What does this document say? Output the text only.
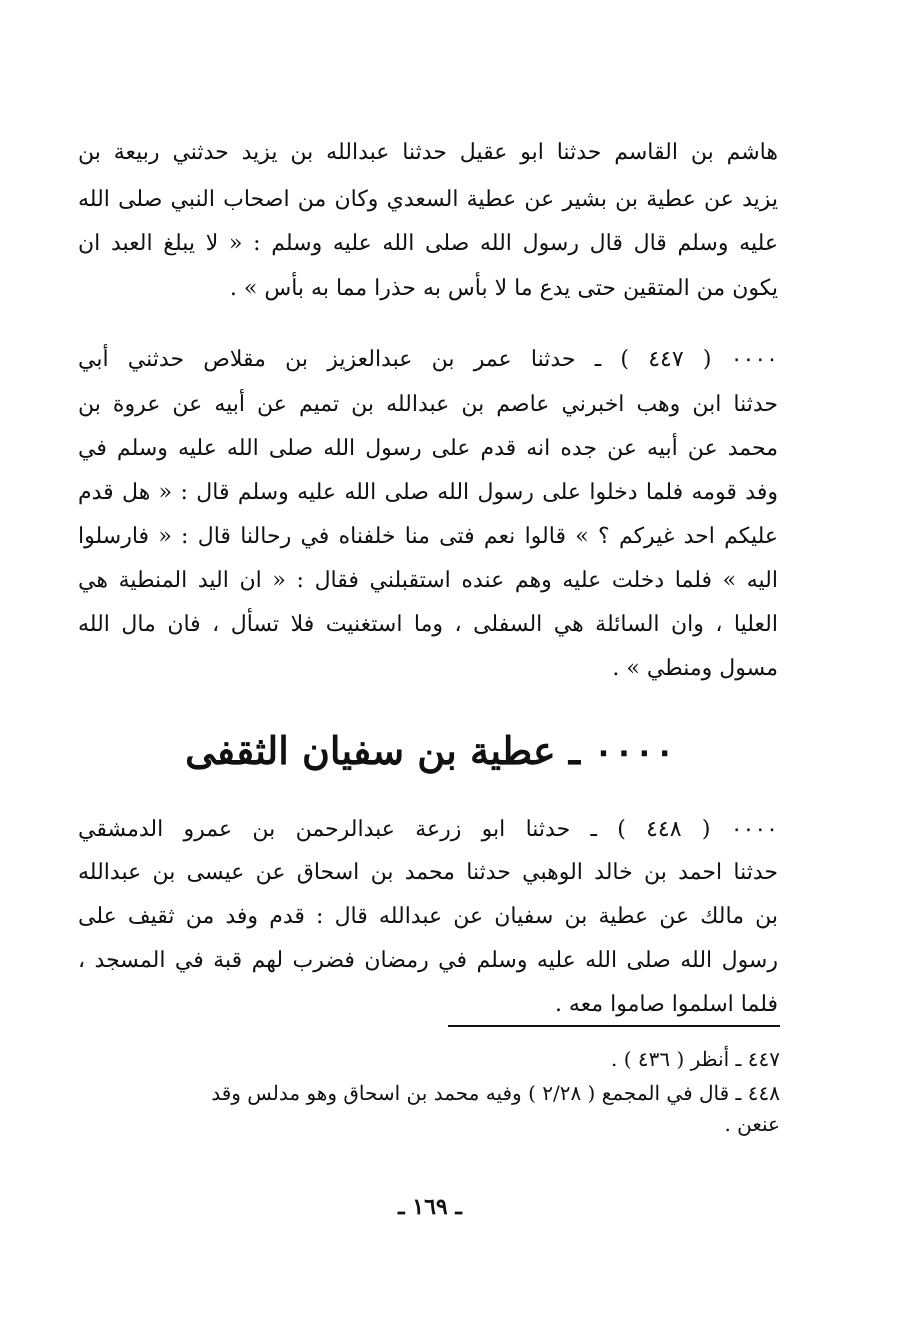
هاشم بن القاسم حدثنا ابو عقيل حدثنا عبدالله بن يزيد حدثني ربيعة بن
يزيد عن عطية بن بشير عن عطية السعدي وكان من اصحاب النبي صلى الله
عليه وسلم قال قال رسول الله صلى الله عليه وسلم : « لا يبلغ العبد ان
يكون من المتقين حتى يدع ما لا بأس به حذرا مما به بأس » .
٠٠٠٠ ( ٤٤٧ ) ـ حدثنا عمر بن عبدالعزيز بن مقلاص حدثني أبي
حدثنا ابن وهب اخبرني عاصم بن عبدالله بن تميم عن أبيه عن عروة بن
محمد عن أبيه عن جده انه قدم على رسول الله صلى الله عليه وسلم في
وفد قومه فلما دخلوا على رسول الله صلى الله عليه وسلم قال : « هل قدم
عليكم احد غيركم ؟ » قالوا نعم فتى منا خلفناه في رحالنا قال : « فارسلوا
اليه » فلما دخلت عليه وهم عنده استقبلني فقال : « ان اليد المنطية هي
العليا ، وان السائلة هي السفلى ، وما استغنيت فلا تسأل ، فان مال الله
مسول ومنطي » .
٠٠٠٠ ـ عطية بن سفيان الثقفى
٠٠٠٠ ( ٤٤٨ ) ـ حدثنا ابو زرعة عبدالرحمن بن عمرو الدمشقي
حدثنا احمد بن خالد الوهبي حدثنا محمد بن اسحاق عن عيسى بن عبدالله
بن مالك عن عطية بن سفيان عن عبدالله قال : قدم وفد من ثقيف على
رسول الله صلى الله عليه وسلم في رمضان فضرب لهم قبة في المسجد ،
فلما اسلموا صاموا معه .
٤٤٧ ـ أنظر ( ٤٣٦ ) .
٤٤٨ ـ قال في المجمع ( ٢/٢٨ ) وفيه محمد بن اسحاق وهو مدلس وقد
عنعن .
ـ ١٦٩ ـ
